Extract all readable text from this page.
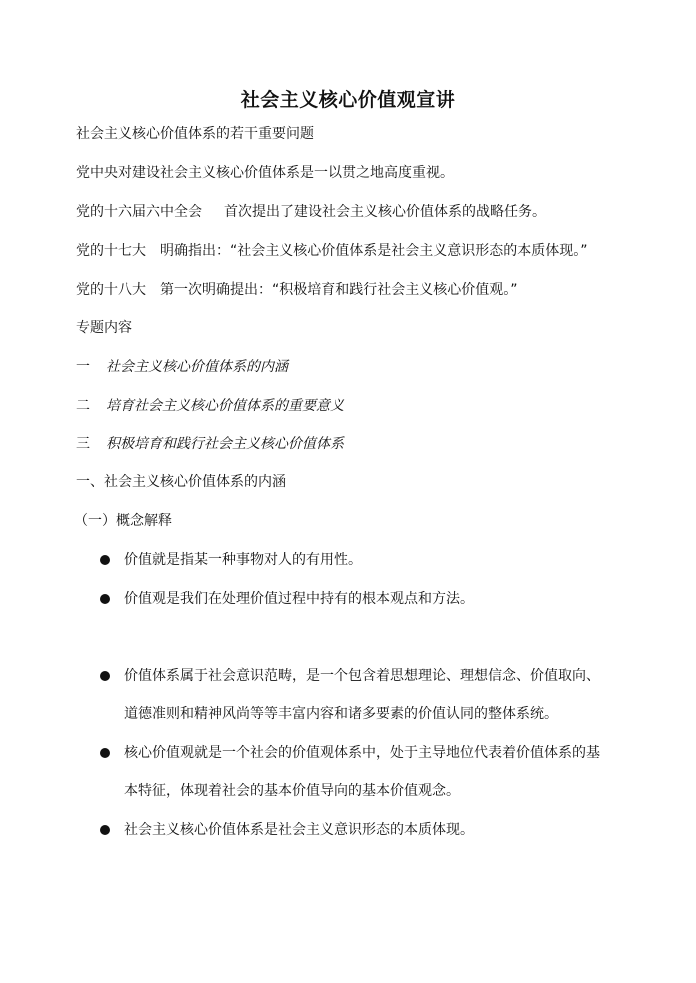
社会主义核心价值观宣讲
社会主义核心价值体系的若干重要问题
党中央对建设社会主义核心价值体系是一以贯之地高度重视。
党的十六届六中全会 首次提出了建设社会主义核心价值体系的战略任务。
党的十七大 明确指出：“社会主义核心价值体系是社会主义意识形态的本质体现。”
党的十八大 第一次明确提出：“积极培育和践行社会主义核心价值观。”
专题内容
一 社会主义核心价值体系的内涵
二 培育社会主义核心价值体系的重要意义
三 积极培育和践行社会主义核心价值体系
一、社会主义核心价值体系的内涵
（一）概念解释
价值就是指某一种事物对人的有用性。
价值观是我们在处理价值过程中持有的根本观点和方法。
价值体系属于社会意识范畴，是一个包含着思想理论、理想信念、价值取向、
道德准则和精神风尚等等丰富内容和诸多要素的价值认同的整体系统。
核心价值观就是一个社会的价值观体系中，处于主导地位代表着价值体系的基
本特征，体现着社会的基本价值导向的基本价值观念。
社会主义核心价值体系是社会主义意识形态的本质体现。
